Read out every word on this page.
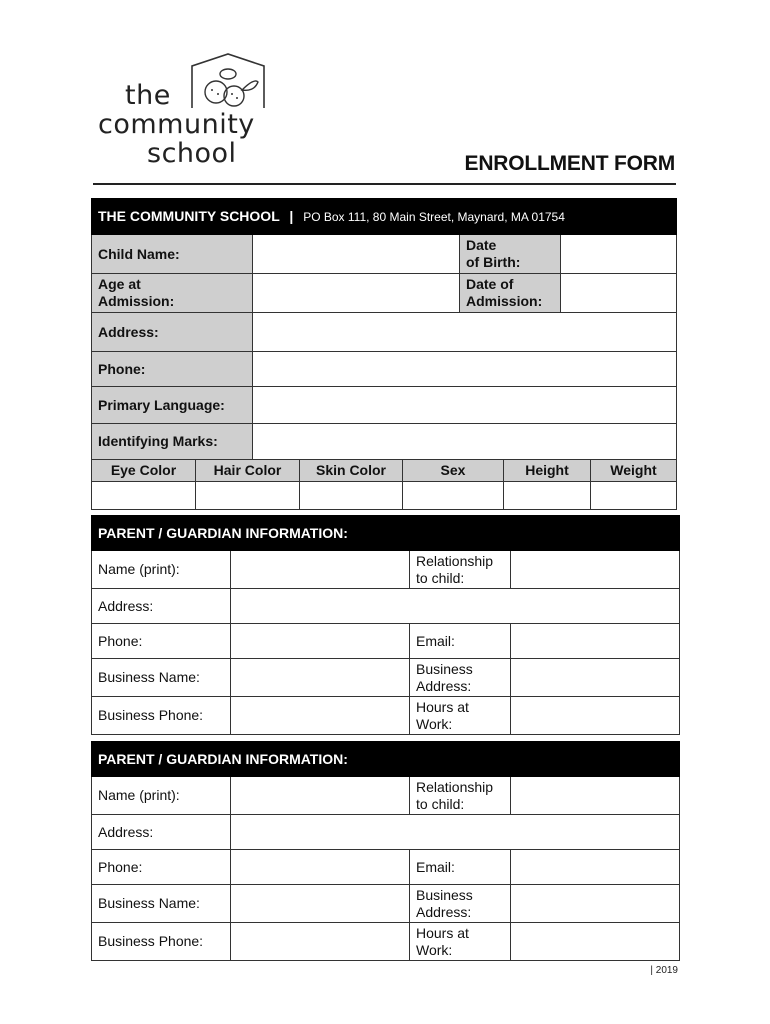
the
community
school	ENROLLMENT FORM
THE COMMUNITY SCHOOL | PO Box 111, 80 Main Street, Maynard, MA 01754			
Child Name:		Date
of Birth:	
Age at
Admission:		Date of
Admission:	
Address:			
Phone:			
Primary Language:			
Identifying Marks:			
Eye Color	Hair Color	Skin Color	Sex	Height	Weight

PARENT / GUARDIAN INFORMATION:			
Name (print):		Relationship
to child:	
Address:			
Phone:		Email:	
Business Name:		Business
Address:	
Business Phone:		Hours at
Work:	
PARENT / GUARDIAN INFORMATION:			
Name (print):		Relationship
to child:	
Address:			
Phone:		Email:	
Business Name:		Business
Address:	
Business Phone:		Hours at
Work:	
| 2019
